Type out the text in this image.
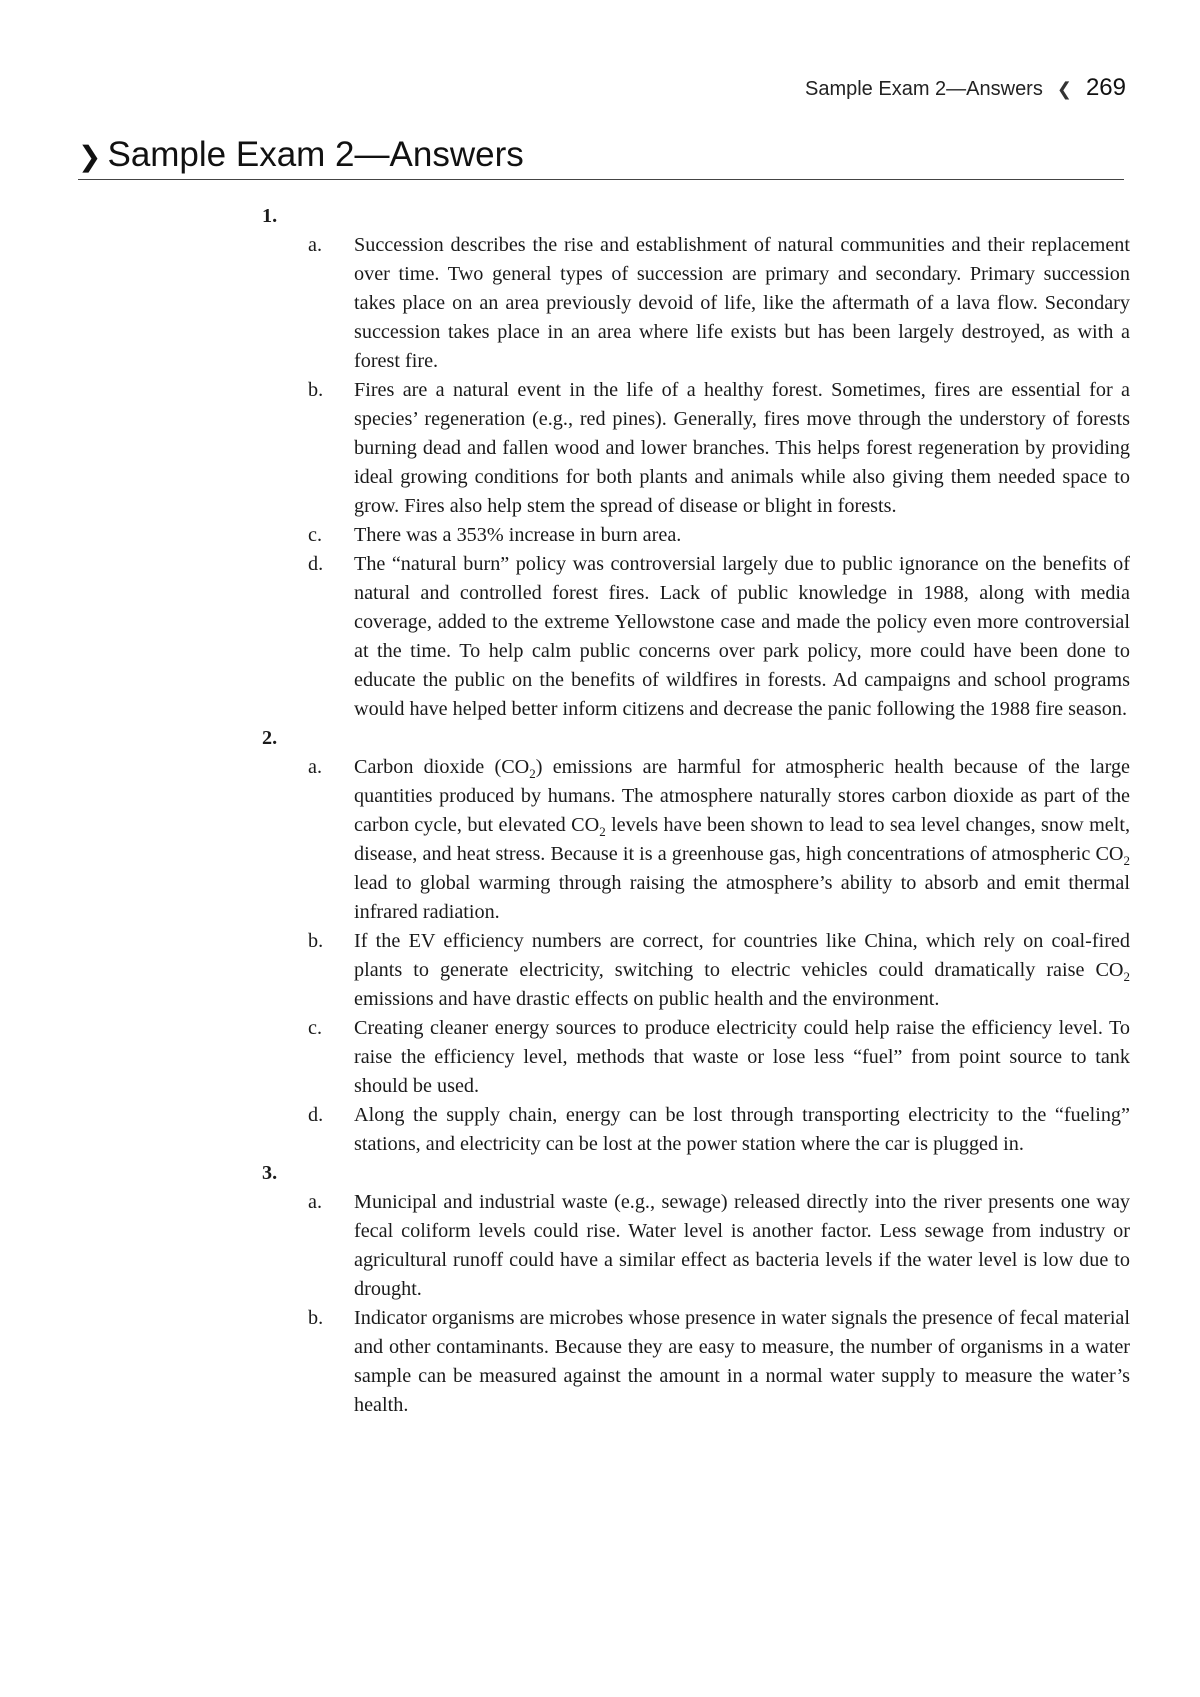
Sample Exam 2—Answers ❮ 269
❯ Sample Exam 2—Answers
1.
a.	Succession describes the rise and establishment of natural communities and their replacement over time. Two general types of succession are primary and secondary. Primary succession takes place on an area previously devoid of life, like the aftermath of a lava flow. Secondary succession takes place in an area where life exists but has been largely destroyed, as with a forest fire.
b.	Fires are a natural event in the life of a healthy forest. Sometimes, fires are essential for a species’ regeneration (e.g., red pines). Generally, fires move through the understory of forests burning dead and fallen wood and lower branches. This helps forest regeneration by providing ideal growing conditions for both plants and animals while also giving them needed space to grow. Fires also help stem the spread of disease or blight in forests.
c.	There was a 353% increase in burn area.
d.	The “natural burn” policy was controversial largely due to public ignorance on the benefits of natural and controlled forest fires. Lack of public knowledge in 1988, along with media coverage, added to the extreme Yellowstone case and made the policy even more controversial at the time. To help calm public concerns over park policy, more could have been done to educate the public on the benefits of wildfires in forests. Ad campaigns and school programs would have helped better inform citizens and decrease the panic following the 1988 fire season.
2.
a.	Carbon dioxide $(CO_2)$ emissions are harmful for atmospheric health because of the large quantities produced by humans. The atmosphere naturally stores carbon dioxide as part of the carbon cycle, but elevated $CO_2$ levels have been shown to lead to sea level changes, snow melt, disease, and heat stress. Because it is a greenhouse gas, high concentrations of atmospheric $CO_2$ lead to global warming through raising the atmosphere’s ability to absorb and emit thermal infrared radiation.
b.	If the EV efficiency numbers are correct, for countries like China, which rely on coal-fired plants to generate electricity, switching to electric vehicles could dramatically raise $CO_2$ emissions and have drastic effects on public health and the environment.
c.	Creating cleaner energy sources to produce electricity could help raise the efficiency level. To raise the efficiency level, methods that waste or lose less “fuel” from point source to tank should be used.
d.	Along the supply chain, energy can be lost through transporting electricity to the “fueling” stations, and electricity can be lost at the power station where the car is plugged in.
3.
a.	Municipal and industrial waste (e.g., sewage) released directly into the river presents one way fecal coliform levels could rise. Water level is another factor. Less sewage from industry or agricultural runoff could have a similar effect as bacteria levels if the water level is low due to drought.
b.	Indicator organisms are microbes whose presence in water signals the presence of fecal material and other contaminants. Because they are easy to measure, the number of organisms in a water sample can be measured against the amount in a normal water supply to measure the water’s health.
